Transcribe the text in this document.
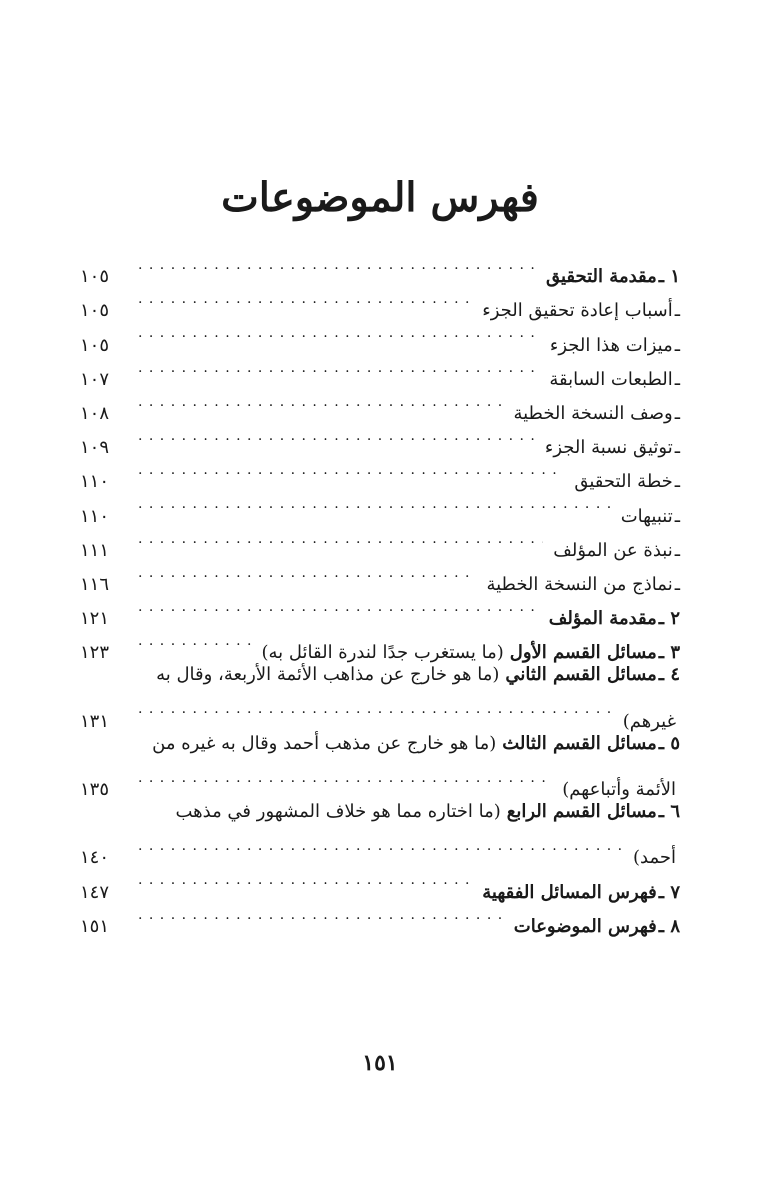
فهرس الموضوعات
١ ـ
مقدمة التحقيق
. . .
١٠٥
ـ
أسباب إعادة تحقيق الجزء
. . .
١٠٥
ـ
ميزات هذا الجزء
. . .
١٠٥
ـ
الطبعات السابقة
. . .
١٠٧
ـ
وصف النسخة الخطية
. . .
١٠٨
ـ
توثيق نسبة الجزء
. . .
١٠٩
ـ
خطة التحقيق
. . .
١١٠
ـ
تنبيهات
. . .
١١٠
ـ
نبذة عن المؤلف
. . .
١١١
ـ
نماذج من النسخة الخطية
. . .
١١٦
٢ ـ
مقدمة المؤلف
. . .
١٢١
٣ ـ
مسائل القسم الأول
(ما يستغرب جدًا لندرة القائل به)
. . .
١٢٣
٤ ـ
مسائل القسم الثاني
(ما هو خارج عن مذاهب الأئمة الأربعة، وقال به
غيرهم)
. . .
١٣١
٥ ـ
مسائل القسم الثالث
(ما هو خارج عن مذهب أحمد وقال به غيره من
الأئمة وأتباعهم)
. . .
١٣٥
٦ ـ
مسائل القسم الرابع
(ما اختاره مما هو خلاف المشهور في مذهب
أحمد)
. . .
١٤٠
٧ ـ
فهرس المسائل الفقهية
. . .
١٤٧
٨ ـ
فهرس الموضوعات
. . .
١٥١
١٥١
